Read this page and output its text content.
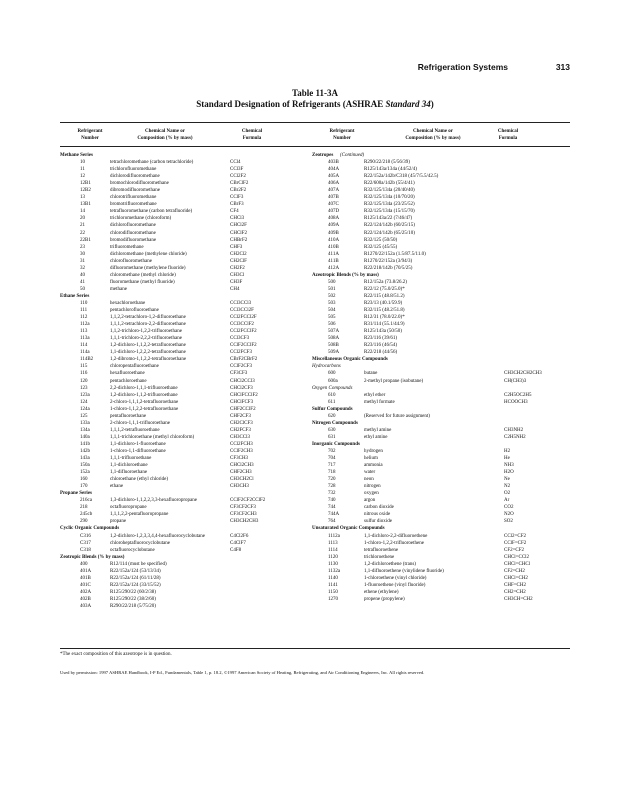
Refrigeration Systems	313
Table 11-3A
Standard Designation of Refrigerants (ASHRAE Standard 34)
Refrigerant
Number
Chemical Name or
Composition (% by mass)
Chemical
Formula
Refrigerant
Number
Chemical Name or
Composition (% by mass)
Chemical
Formula
Methane Series
10	tetrachloromethane (carbon tetrachloride)	CCl4
11	trichlorofluoromethane	CCl3F
12	dichlorodifluoromethane	CCl2F2
12B1	bromochlorodifluoromethane	CBrClF2
12B2	dibromodifluoromethane	CBr2F2
13	chlorotrifluoromethane	CClF3
13B1	bromotrifluoromethane	CBrF3
14	tetrafluoromethane (carbon tetrafluoride)	CF4
20	trichloromethane (chloroform)	CHCl3
21	dichlorofluoromethane	CHCl2F
22	chlorodifluoromethane	CHClF2
22B1	bromodifluoromethane	CHBrF2
23	trifluoromethane	CHF3
30	dichloromethane (methylene chloride)	CH2Cl2
31	chlorofluoromethane	CH2ClF
32	difluoromethane (methylene fluoride)	CH2F2
40	chloromethane (methyl chloride)	CH3Cl
41	fluoromethane (methyl fluoride)	CH3F
50	methane	CH4
Ethane Series
110	hexachloroethane	CCl3CCl3
111	pentachlorofluoroethane	CCl3CCl2F
112	1,1,2,2-tetrachloro-1,2-difluoroethane	CCl2FCCl2F
112a	1,1,1,2-tetrachloro-2,2-difluoroethane	CCl3CClF2
113	1,1,2-trichloro-1,2,2-trifluoroethane	CCl2FCClF2
113a	1,1,1-trichloro-2,2,2-trifluoroethane	CCl3CF3
114	1,2-dichloro-1,1,2,2-tetrafluoroethane	CClF2CClF2
114a	1,1-dichloro-1,2,2,2-tetrafluoroethane	CCl2FCF3
114B2	1,2-dibromo-1,1,2,2-tetrafluoroethane	CBrF2CBrF2
115	chloropentafluoroethane	CClF2CF3
116	hexafluoroethane	CF3CF3
120	pentachloroethane	CHCl2CCl3
123	2,2-dichloro-1,1,1-trifluoroethane	CHCl2CF3
123a	1,2-dichloro-1,1,2-trifluoroethane	CHClFCClF2
124	2-chloro-1,1,1,2-tetrafluoroethane	CHClFCF3
124a	1-chloro-1,1,2,2-tetrafluoroethane	CHF2CClF2
125	pentafluoroethane	CHF2CF3
133a	2-chloro-1,1,1-trifluoroethane	CH2ClCF3
134a	1,1,1,2-tetrafluoroethane	CH2FCF3
140a	1,1,1-trichloroethane (methyl chloroform)	CH3CCl3
141b	1,1-dichloro-1-fluoroethane	CCl2FCH3
142b	1-chloro-1,1-difluoroethane	CClF2CH3
143a	1,1,1-trifluoroethane	CF3CH3
150a	1,1-dichloroethane	CHCl2CH3
152a	1,1-difluoroethane	CHF2CH3
160	chloroethane (ethyl chloride)	CH3CH2Cl
170	ethane	CH3CH3
Propane Series
216ca	1,3-dichloro-1,1,2,2,3,3-hexafluoropropane	CClF2CF2CClF2
218	octafluoropropane	CF3CF2CF3
245cb	1,1,1,2,2-pentafluoropropane	CF3CF2CH3
290	propane	CH3CH2CH3
Cyclic Organic Compounds
C316	1,2-dichloro-1,2,3,3,4,4-hexafluorocyclobutane	C4Cl2F6
C317	chloroheptafluorocyclobutane	C4ClF7
C318	octafluorocyclobutane	C4F8
Zeotropic Blends (% by mass)
400	R12/114 (must be specified)
401A	R22/152a/124 (53/13/34)
401B	R22/152a/124 (61/11/28)
401C	R22/152a/124 (33/15/52)
402A	R125/290/22 (60/2/38)
402B	R125/290/22 (38/2/60)
403A	R290/22/218 (5/75/20)
Zeotropes (Continued)
403B	R290/22/218 (5/56/39)
404A	R125/143a/134a (44/52/4)
405A	R22/152a/142b/C318 (45/7/5.5/42.5)
406A	R22/600a/142b (55/4/41)
407A	R32/125/134a (20/40/40)
407B	R32/125/134a (10/70/20)
407C	R32/125/134a (23/25/52)
407D	R32/125/134a (15/15/70)
408A	R125/143a/22 (7/46/47)
409A	R22/124/142b (60/25/15)
409B	R22/124/142b (65/25/10)
410A	R32/125 (50/50)
410B	R32/125 (45/55)
411A	R1270/22/152a (1.5/87.5/11.0)
411B	R1270/22/152a (3/94/3)
412A	R22/218/142b (70/5/25)
Azeotropic Blends (% by mass)
500	R12/152a (73.8/26.2)
501	R22/12 (75.0/25.0)*
502	R22/115 (48.8/51.2)
503	R23/13 (40.1/59.9)
504	R32/115 (48.2/51.8)
505	R12/31 (78.0/22.0)*
506	R31/114 (55.1/44.9)
507A	R125/143a (50/50)
508A	R23/116 (39/61)
508B	R23/116 (46/54)
509A	R22/218 (44/56)
Miscellaneous Organic Compounds
Hydrocarbons
600	butane	CH3CH2CH2CH3
600a	2-methyl propane (isobutane)	CH(CH3)3
Oxygen Compounds
610	ethyl ether	C2H5OC2H5
611	methyl formate	HCOOCH3
Sulfur Compounds
620	(Reserved for future assignment)
Nitrogen Compounds
630	methyl amine	CH3NH2
631	ethyl amine	C2H5NH2
Inorganic Compounds
702	hydrogen	H2
704	helium	He
717	ammonia	NH3
718	water	H2O
720	neon	Ne
728	nitrogen	N2
732	oxygen	O2
740	argon	Ar
744	carbon dioxide	CO2
744A	nitrous oxide	N2O
764	sulfur dioxide	SO2
Unsaturated Organic Compounds
1112a	1,1-dichloro-2,2-difluoroethene	CCl2=CF2
1113	1-chloro-1,2,2-trifluoroethene	CClF=CF2
1114	tetrafluoroethene	CF2=CF2
1120	trichloroethene	CHCl=CCl2
1130	1,2-dichloroethene (trans)	CHCl=CHCl
1132a	1,1-difluoroethene (vinylidene fluoride)	CF2=CH2
1140	1-chloroethene (vinyl chloride)	CHCl=CH2
1141	1-fluoroethene (vinyl fluoride)	CHF=CH2
1150	ethene (ethylene)	CH2=CH2
1270	propene (propylene)	CH3CH=CH2
*The exact composition of this azeotrope is in question.
Used by permission: 1997 ASHRAE Handbook, I-P Ed., Fundamentals, Table 1, p. 18.2, ©1997 American Society of Heating, Refrigerating, and Air Conditioning Engineers, Inc. All rights reserved.
